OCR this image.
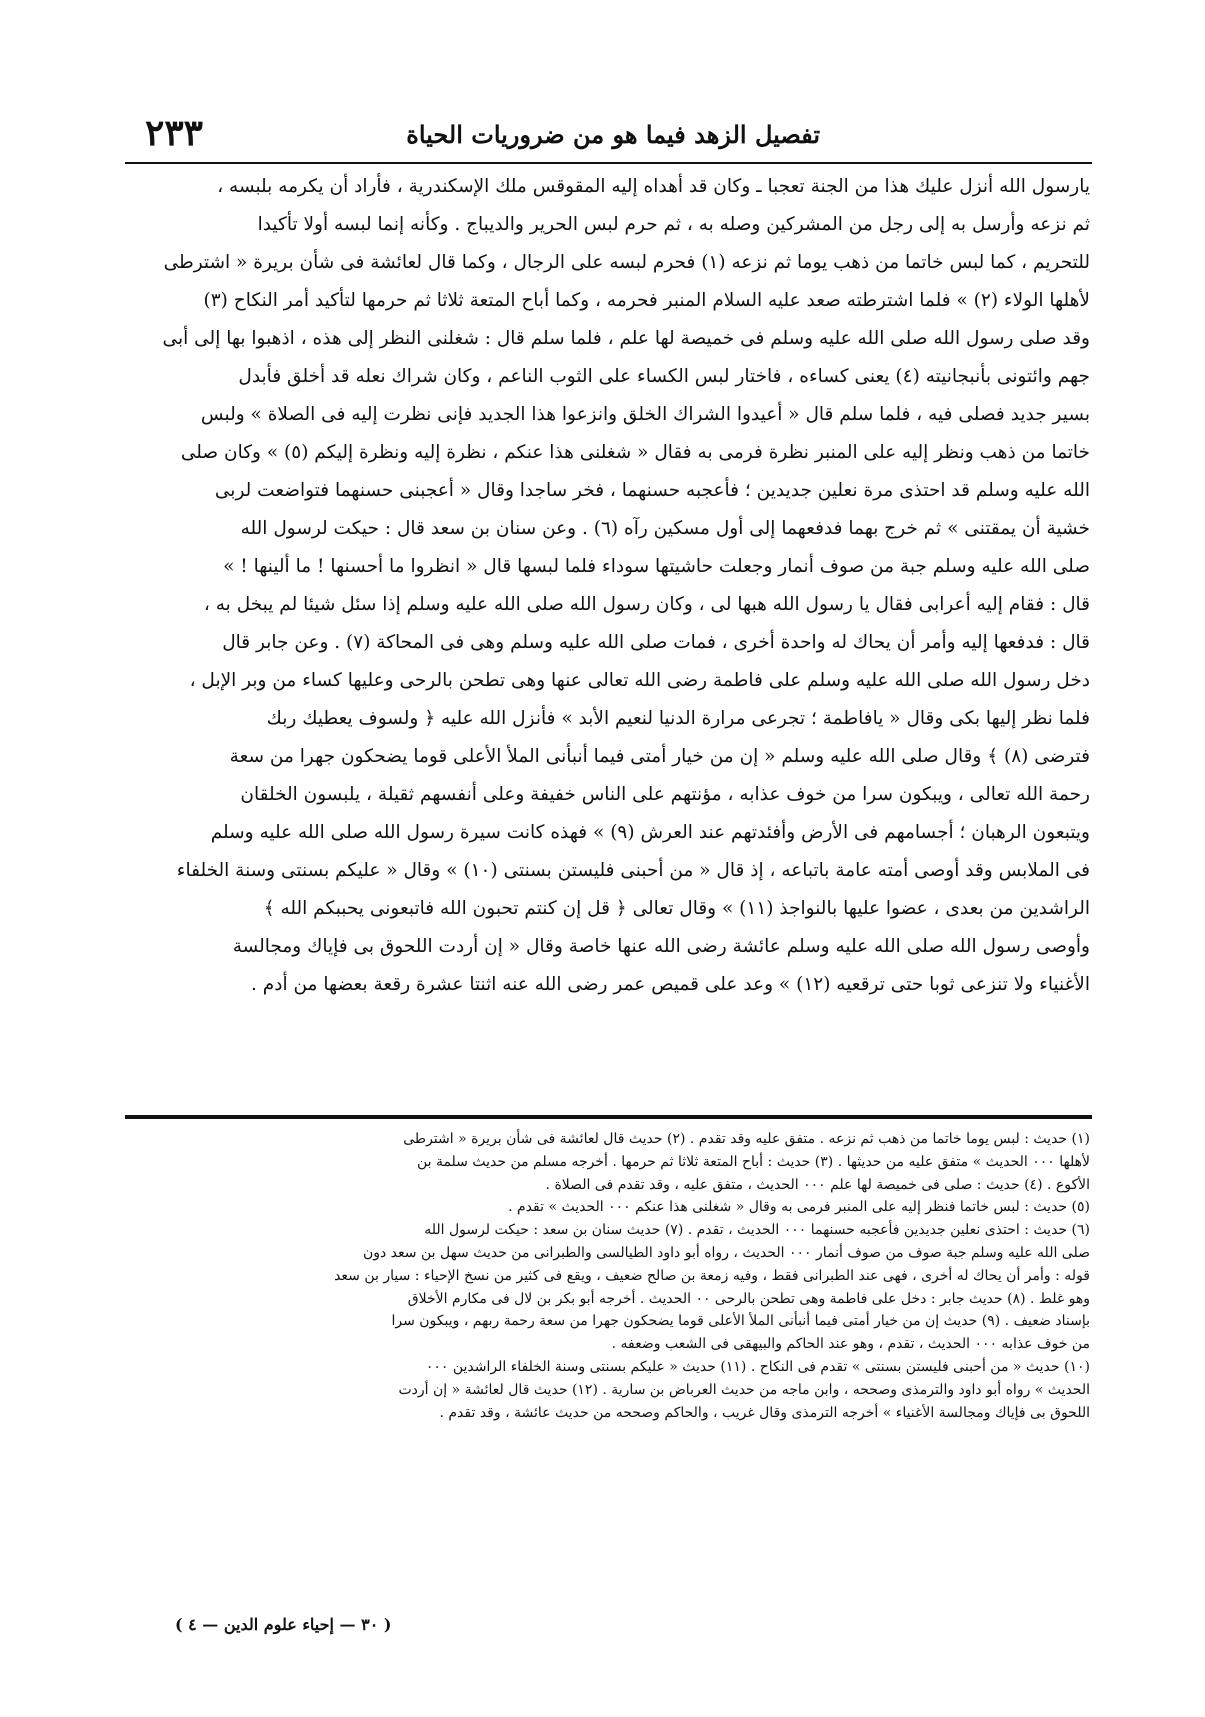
تفصيل الزهد فيما هو من ضروريات الحياة
٢٣٣
يارسول الله أنزل عليك هذا من الجنة تعجبا ـ وكان قد أهداه إليه المقوقس ملك الإسكندرية ، فأراد أن يكرمه بلبسه ،
ثم نزعه وأرسل به إلى رجل من المشركين وصله به ، ثم حرم لبس الحرير والديباج . وكأنه إنما لبسه أولا تأكيدا
للتحريم ، كما لبس خاتما من ذهب يوما ثم نزعه (١) فحرم لبسه على الرجال ، وكما قال لعائشة فى شأن بريرة « اشترطى
لأهلها الولاء (٢) » فلما اشترطته صعد عليه السلام المنبر فحرمه ، وكما أباح المتعة ثلاثا ثم حرمها لتأكيد أمر النكاح (٣)
وقد صلى رسول الله صلى الله عليه وسلم فى خميصة لها علم ، فلما سلم قال : شغلنى النظر إلى هذه ، اذهبوا بها إلى أبى
جهم وائتونى بأنبجانيته (٤) يعنى كساءه ، فاختار لبس الكساء على الثوب الناعم ، وكان شراك نعله قد أخلق فأبدل
بسير جديد فصلى فيه ، فلما سلم قال « أعيدوا الشراك الخلق وانزعوا هذا الجديد فإنى نظرت إليه فى الصلاة » ولبس
خاتما من ذهب ونظر إليه على المنبر نظرة فرمى به فقال « شغلنى هذا عنكم ، نظرة إليه ونظرة إليكم (٥) » وكان صلى
الله عليه وسلم قد احتذى مرة نعلين جديدين ؛ فأعجبه حسنهما ، فخر ساجدا وقال « أعجبنى حسنهما فتواضعت لربى
خشية أن يمقتنى » ثم خرج بهما فدفعهما إلى أول مسكين رآه (٦) . وعن سنان بن سعد قال : حيكت لرسول الله
صلى الله عليه وسلم جبة من صوف أنمار وجعلت حاشيتها سوداء فلما لبسها قال « انظروا ما أحسنها ! ما ألينها ! »
قال : فقام إليه أعرابى فقال يا رسول الله هبها لى ، وكان رسول الله صلى الله عليه وسلم إذا سئل شيئا لم يبخل به ،
قال : فدفعها إليه وأمر أن يحاك له واحدة أخرى ، فمات صلى الله عليه وسلم وهى فى المحاكة (٧) . وعن جابر قال
دخل رسول الله صلى الله عليه وسلم على فاطمة رضى الله تعالى عنها وهى تطحن بالرحى وعليها كساء من وبر الإبل ،
فلما نظر إليها بكى وقال « يافاطمة ؛ تجرعى مرارة الدنيا لنعيم الأبد » فأنزل الله عليه ﴿ ولسوف يعطيك ربك
فترضى (٨) ﴾ وقال صلى الله عليه وسلم « إن من خيار أمتى فيما أنبأنى الملأ الأعلى قوما يضحكون جهرا من سعة
رحمة الله تعالى ، ويبكون سرا من خوف عذابه ، مؤنتهم على الناس خفيفة وعلى أنفسهم ثقيلة ، يلبسون الخلقان
ويتبعون الرهبان ؛ أجسامهم فى الأرض وأفئدتهم عند العرش (٩) » فهذه كانت سيرة رسول الله صلى الله عليه وسلم
فى الملابس وقد أوصى أمته عامة باتباعه ، إذ قال « من أحبنى فليستن بسنتى (١٠) » وقال « عليكم بسنتى وسنة الخلفاء
الراشدين من بعدى ، عضوا عليها بالنواجذ (١١) » وقال تعالى ﴿ قل إن كنتم تحبون الله فاتبعونى يحببكم الله ﴾
وأوصى رسول الله صلى الله عليه وسلم عائشة رضى الله عنها خاصة وقال « إن أردت اللحوق بى فإياك ومجالسة
الأغنياء ولا تنزعى ثوبا حتى ترقعيه (١٢) » وعد على قميص عمر رضى الله عنه اثنتا عشرة رقعة بعضها من أدم .
(١) حديث : لبس يوما خاتما من ذهب ثم نزعه . متفق عليه وقد تقدم . (٢) حديث قال لعائشة فى شأن بريرة « اشترطى
لأهلها ٠٠٠ الحديث » متفق عليه من حديثها . (٣) حديث : أباح المتعة ثلاثا ثم حرمها . أخرجه مسلم من حديث سلمة بن
الأكوع . (٤) حديث : صلى فى خميصة لها علم ٠٠٠ الحديث ، متفق عليه ، وقد تقدم فى الصلاة .
(٥) حديث : لبس خاتما فنظر إليه على المنبر فرمى به وقال « شغلنى هذا عنكم ٠٠٠ الحديث » تقدم .
(٦) حديث : احتذى نعلين جديدين فأعجبه حسنهما ٠٠٠ الحديث ، تقدم . (٧) حديث سنان بن سعد : حيكت لرسول الله
صلى الله عليه وسلم جبة صوف من صوف أنمار ٠٠٠ الحديث ، رواه أبو داود الطيالسى والطبرانى من حديث سهل بن سعد دون
قوله : وأمر أن يحاك له أخرى ، فهى عند الطبرانى فقط ، وفيه زمعة بن صالح ضعيف ، ويقع فى كثير من نسخ الإحياء : سيار بن سعد
وهو غلط . (٨) حديث جابر : دخل على فاطمة وهى تطحن بالرحى ٠٠ الحديث . أخرجه أبو بكر بن لال فى مكارم الأخلاق
بإسناد ضعيف . (٩) حديث إن من خيار أمتى فيما أنبأنى الملأ الأعلى قوما يضحكون جهرا من سعة رحمة ربهم ، ويبكون سرا
من خوف عذابه ٠٠٠ الحديث ، تقدم ، وهو عند الحاكم والبيهقى فى الشعب وضعفه .
(١٠) حديث « من أحبنى فليستن بسنتى » تقدم فى النكاح . (١١) حديث « عليكم بسنتى وسنة الخلفاء الراشدين ٠٠٠
الحديث » رواه أبو داود والترمذى وصححه ، وابن ماجه من حديث العرباض بن سارية . (١٢) حديث قال لعائشة « إن أردت
اللحوق بى فإياك ومجالسة الأغنياء » أخرجه الترمذى وقال غريب ، والحاكم وصححه من حديث عائشة ، وقد تقدم .
( ٣٠ — إحياء علوم الدين — ٤ )
